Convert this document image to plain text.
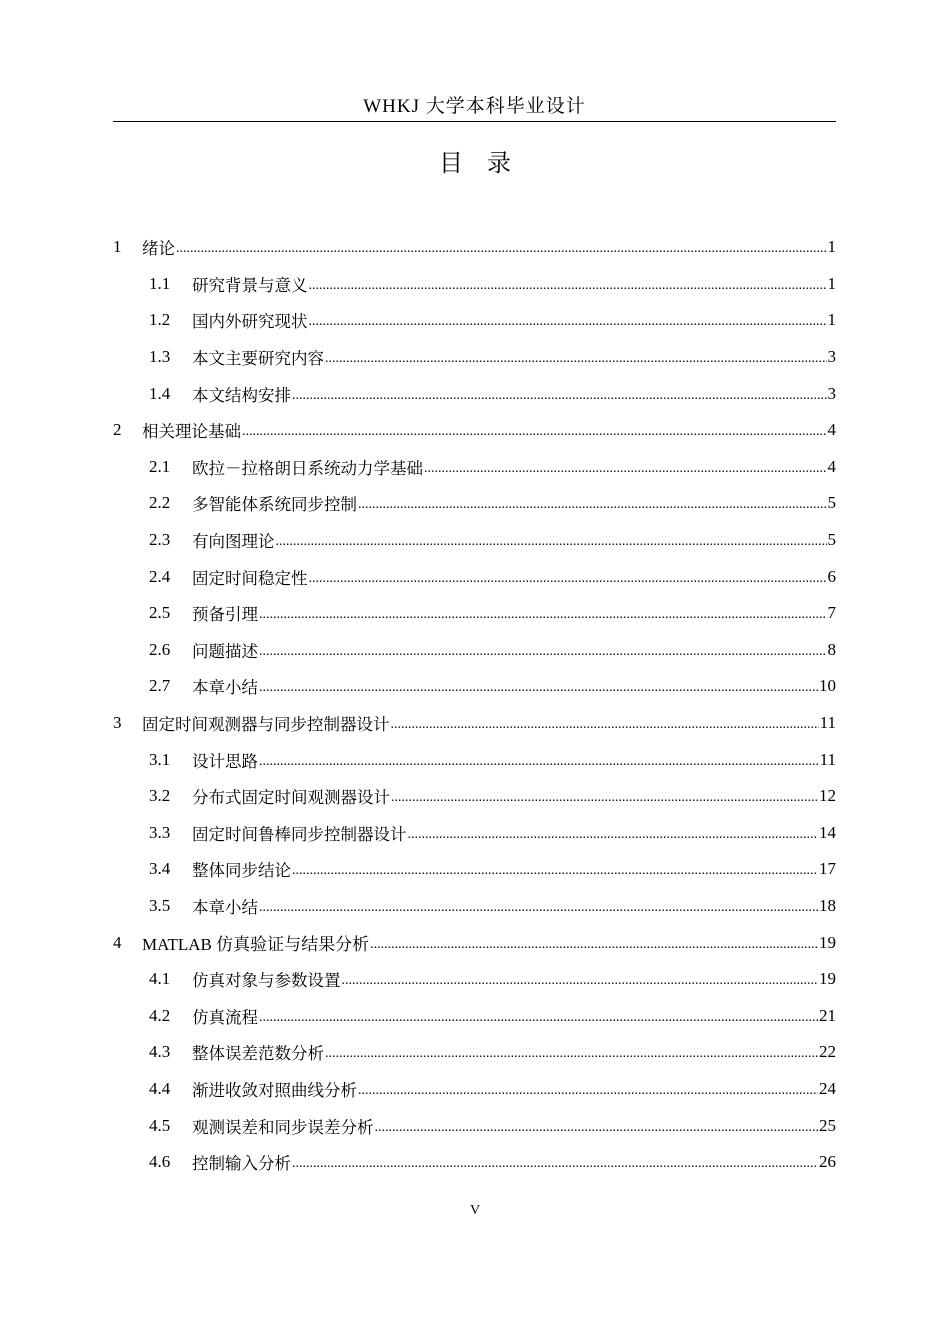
WHKJ 大学本科毕业设计
目　录
1	绪论 .....	1
1.1	研究背景与意义 .....	1
1.2	国内外研究现状 .....	1
1.3	本文主要研究内容 .....	3
1.4	本文结构安排 .....	3
2	相关理论基础 .....	4
2.1	欧拉－拉格朗日系统动力学基础 .....	4
2.2	多智能体系统同步控制 .....	5
2.3	有向图理论 .....	5
2.4	固定时间稳定性 .....	6
2.5	预备引理 .....	7
2.6	问题描述 .....	8
2.7	本章小结 .....	10
3	固定时间观测器与同步控制器设计 .....	11
3.1	设计思路 .....	11
3.2	分布式固定时间观测器设计 .....	12
3.3	固定时间鲁棒同步控制器设计 .....	14
3.4	整体同步结论 .....	17
3.5	本章小结 .....	18
4	MATLAB 仿真验证与结果分析 .....	19
4.1	仿真对象与参数设置 .....	19
4.2	仿真流程 .....	21
4.3	整体误差范数分析 .....	22
4.4	渐进收敛对照曲线分析 .....	24
4.5	观测误差和同步误差分析 .....	25
4.6	控制输入分析 .....	26
V
